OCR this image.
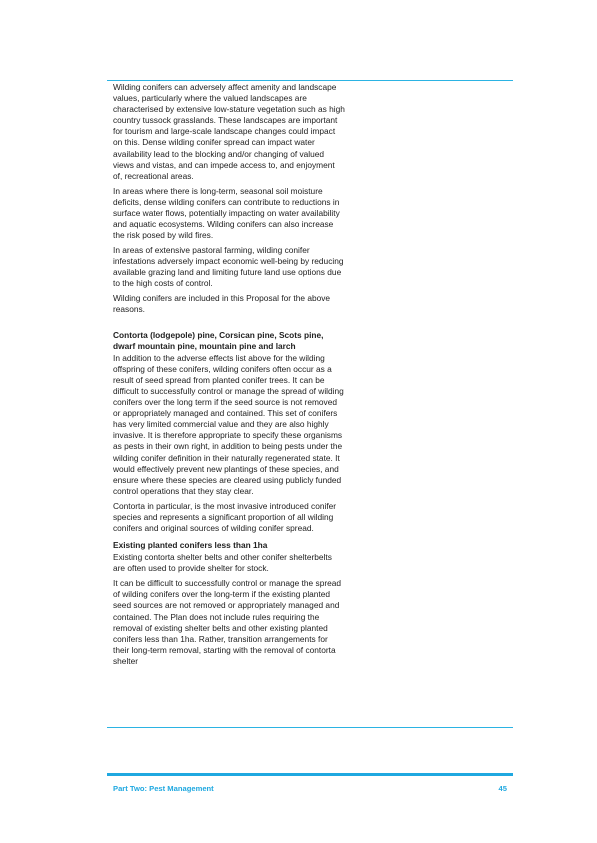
Wilding conifers can adversely affect amenity and landscape values, particularly where the valued landscapes are characterised by extensive low-stature vegetation such as high country tussock grasslands. These landscapes are important for tourism and large-scale landscape changes could impact on this. Dense wilding conifer spread can impact water availability lead to the blocking and/or changing of valued views and vistas, and can impede access to, and enjoyment of, recreational areas.

In areas where there is long-term, seasonal soil moisture deficits, dense wilding conifers can contribute to reductions in surface water flows, potentially impacting on water availability and aquatic ecosystems. Wilding conifers can also increase the risk posed by wild fires.

In areas of extensive pastoral farming, wilding conifer infestations adversely impact economic well-being by reducing available grazing land and limiting future land use options due to the high costs of control.

Wilding conifers are included in this Proposal for the above reasons.

Contorta (lodgepole) pine, Corsican pine, Scots pine, dwarf mountain pine, mountain pine and larch

In addition to the adverse effects list above for the wilding offspring of these conifers, wilding conifers often occur as a result of seed spread from planted conifer trees. It can be difficult to successfully control or manage the spread of wilding conifers over the long term if the seed source is not removed or appropriately managed and contained. This set of conifers has very limited commercial value and they are also highly invasive. It is therefore appropriate to specify these organisms as pests in their own right, in addition to being pests under the wilding conifer definition in their naturally regenerated state. It would effectively prevent new plantings of these species, and ensure where these species are cleared using publicly funded control operations that they stay clear.

Contorta in particular, is the most invasive introduced conifer species and represents a significant proportion of all wilding conifers and original sources of wilding conifer spread.

Existing planted conifers less than 1ha

Existing contorta shelter belts and other conifer shelterbelts are often used to provide shelter for stock.

It can be difficult to successfully control or manage the spread of wilding conifers over the long-term if the existing planted seed sources are not removed or appropriately managed and contained. The Plan does not include rules requiring the removal of existing shelter belts and other existing planted conifers less than 1ha. Rather, transition arrangements for their long-term removal, starting with the removal of contorta shelter

Part Two: Pest Management	45
